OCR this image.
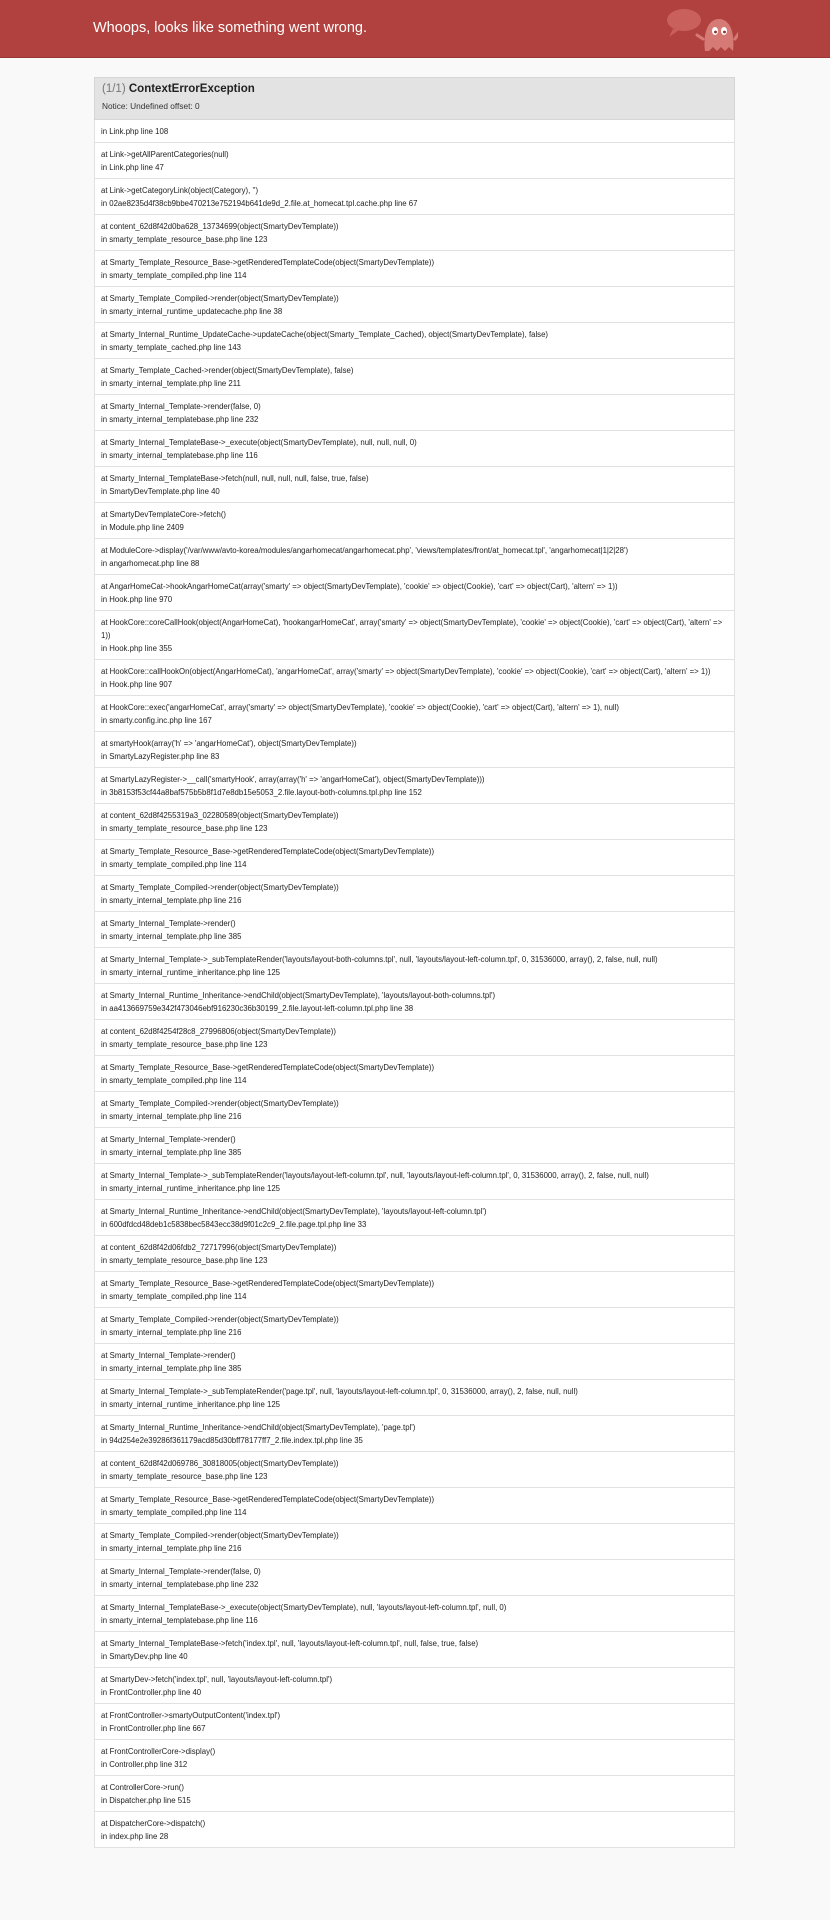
Whoops, looks like something went wrong.
(1/1) ContextErrorException
Notice: Undefined offset: 0
in Link.php line 108
at Link->getAllParentCategories(null)
in Link.php line 47
at Link->getCategoryLink(object(Category), '')
in 02ae8235d4f38cb9bbe470213e752194b641de9d_2.file.at_homecat.tpl.cache.php line 67
at content_62d8f42d0ba628_13734699(object(SmartyDevTemplate))
in smarty_template_resource_base.php line 123
at Smarty_Template_Resource_Base->getRenderedTemplateCode(object(SmartyDevTemplate))
in smarty_template_compiled.php line 114
at Smarty_Template_Compiled->render(object(SmartyDevTemplate))
in smarty_internal_runtime_updatecache.php line 38
at Smarty_Internal_Runtime_UpdateCache->updateCache(object(Smarty_Template_Cached), object(SmartyDevTemplate), false)
in smarty_template_cached.php line 143
at Smarty_Template_Cached->render(object(SmartyDevTemplate), false)
in smarty_internal_template.php line 211
at Smarty_Internal_Template->render(false, 0)
in smarty_internal_templatebase.php line 232
at Smarty_Internal_TemplateBase->_execute(object(SmartyDevTemplate), null, null, null, 0)
in smarty_internal_templatebase.php line 116
at Smarty_Internal_TemplateBase->fetch(null, null, null, null, false, true, false)
in SmartyDevTemplate.php line 40
at SmartyDevTemplateCore->fetch()
in Module.php line 2409
at ModuleCore->display('/var/www/avto-korea/modules/angarhomecat/angarhomecat.php', 'views/templates/front/at_homecat.tpl', 'angarhomecat|1|2|28')
in angarhomecat.php line 88
at AngarHomeCat->hookAngarHomeCat(array('smarty' => object(SmartyDevTemplate), 'cookie' => object(Cookie), 'cart' => object(Cart), 'altern' => 1))
in Hook.php line 970
at HookCore::coreCallHook(object(AngarHomeCat), 'hookangarHomeCat', array('smarty' => object(SmartyDevTemplate), 'cookie' => object(Cookie), 'cart' => object(Cart), 'altern' => 1))
in Hook.php line 355
at HookCore::callHookOn(object(AngarHomeCat), 'angarHomeCat', array('smarty' => object(SmartyDevTemplate), 'cookie' => object(Cookie), 'cart' => object(Cart), 'altern' => 1))
in Hook.php line 907
at HookCore::exec('angarHomeCat', array('smarty' => object(SmartyDevTemplate), 'cookie' => object(Cookie), 'cart' => object(Cart), 'altern' => 1), null)
in smarty.config.inc.php line 167
at smartyHook(array('h' => 'angarHomeCat'), object(SmartyDevTemplate))
in SmartyLazyRegister.php line 83
at SmartyLazyRegister->__call('smartyHook', array(array('h' => 'angarHomeCat'), object(SmartyDevTemplate)))
in 3b8153f53cf44a8baf575b5b8f1d7e8db15e5053_2.file.layout-both-columns.tpl.php line 152
at content_62d8f4255319a3_02280589(object(SmartyDevTemplate))
in smarty_template_resource_base.php line 123
at Smarty_Template_Resource_Base->getRenderedTemplateCode(object(SmartyDevTemplate))
in smarty_template_compiled.php line 114
at Smarty_Template_Compiled->render(object(SmartyDevTemplate))
in smarty_internal_template.php line 216
at Smarty_Internal_Template->render()
in smarty_internal_template.php line 385
at Smarty_Internal_Template->_subTemplateRender('layouts/layout-both-columns.tpl', null, 'layouts/layout-left-column.tpl', 0, 31536000, array(), 2, false, null, null)
in smarty_internal_runtime_inheritance.php line 125
at Smarty_Internal_Runtime_Inheritance->endChild(object(SmartyDevTemplate), 'layouts/layout-both-columns.tpl')
in aa413669759e342f473046ebf916230c36b30199_2.file.layout-left-column.tpl.php line 38
at content_62d8f4254f28c8_27996806(object(SmartyDevTemplate))
in smarty_template_resource_base.php line 123
at Smarty_Template_Resource_Base->getRenderedTemplateCode(object(SmartyDevTemplate))
in smarty_template_compiled.php line 114
at Smarty_Template_Compiled->render(object(SmartyDevTemplate))
in smarty_internal_template.php line 216
at Smarty_Internal_Template->render()
in smarty_internal_template.php line 385
at Smarty_Internal_Template->_subTemplateRender('layouts/layout-left-column.tpl', null, 'layouts/layout-left-column.tpl', 0, 31536000, array(), 2, false, null, null)
in smarty_internal_runtime_inheritance.php line 125
at Smarty_Internal_Runtime_Inheritance->endChild(object(SmartyDevTemplate), 'layouts/layout-left-column.tpl')
in 600dfdcd48deb1c5838bec5843ecc38d9f01c2c9_2.file.page.tpl.php line 33
at content_62d8f42d06fdb2_72717996(object(SmartyDevTemplate))
in smarty_template_resource_base.php line 123
at Smarty_Template_Resource_Base->getRenderedTemplateCode(object(SmartyDevTemplate))
in smarty_template_compiled.php line 114
at Smarty_Template_Compiled->render(object(SmartyDevTemplate))
in smarty_internal_template.php line 216
at Smarty_Internal_Template->render()
in smarty_internal_template.php line 385
at Smarty_Internal_Template->_subTemplateRender('page.tpl', null, 'layouts/layout-left-column.tpl', 0, 31536000, array(), 2, false, null, null)
in smarty_internal_runtime_inheritance.php line 125
at Smarty_Internal_Runtime_Inheritance->endChild(object(SmartyDevTemplate), 'page.tpl')
in 94d254e2e39286f361179acd85d30bff78177ff7_2.file.index.tpl.php line 35
at content_62d8f42d069786_30818005(object(SmartyDevTemplate))
in smarty_template_resource_base.php line 123
at Smarty_Template_Resource_Base->getRenderedTemplateCode(object(SmartyDevTemplate))
in smarty_template_compiled.php line 114
at Smarty_Template_Compiled->render(object(SmartyDevTemplate))
in smarty_internal_template.php line 216
at Smarty_Internal_Template->render(false, 0)
in smarty_internal_templatebase.php line 232
at Smarty_Internal_TemplateBase->_execute(object(SmartyDevTemplate), null, 'layouts/layout-left-column.tpl', null, 0)
in smarty_internal_templatebase.php line 116
at Smarty_Internal_TemplateBase->fetch('index.tpl', null, 'layouts/layout-left-column.tpl', null, false, true, false)
in SmartyDev.php line 40
at SmartyDev->fetch('index.tpl', null, 'layouts/layout-left-column.tpl')
in FrontController.php line 40
at FrontController->smartyOutputContent('index.tpl')
in FrontController.php line 667
at FrontControllerCore->display()
in Controller.php line 312
at ControllerCore->run()
in Dispatcher.php line 515
at DispatcherCore->dispatch()
in index.php line 28
